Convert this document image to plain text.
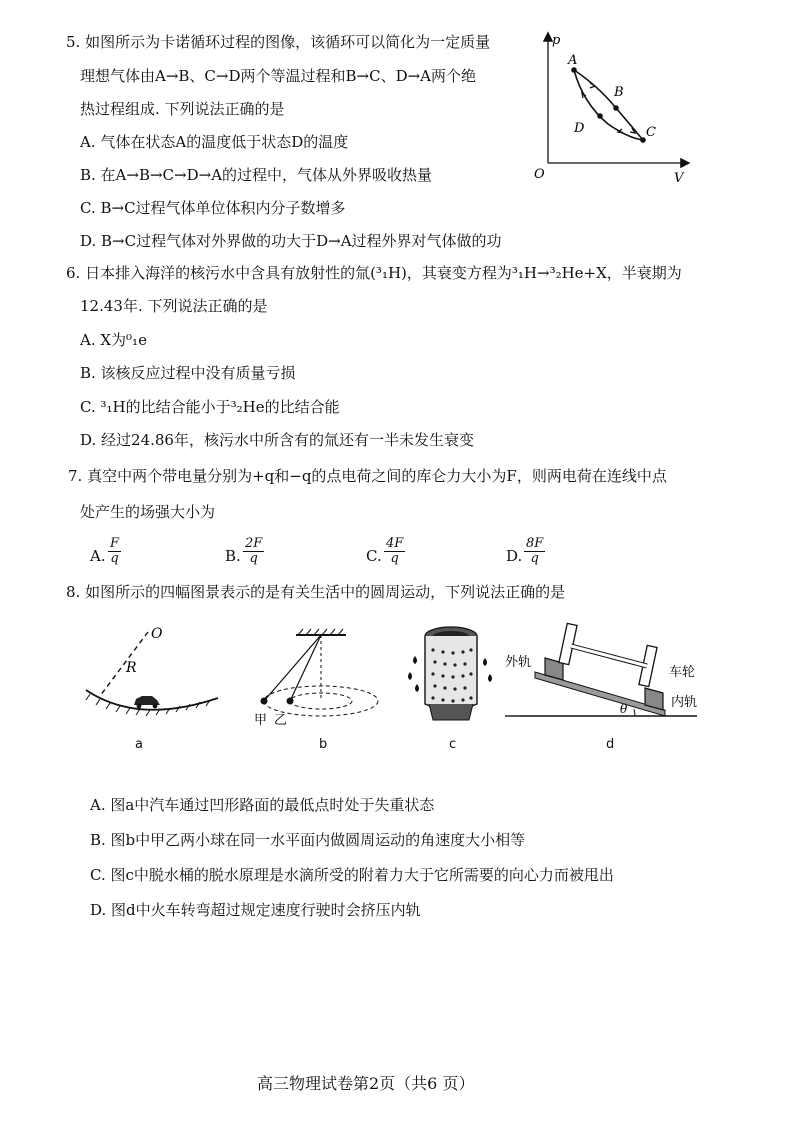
5. 如图所示为卡诺循环过程的图像，该循环可以简化为一定质量
理想气体由A→B、C→D两个等温过程和B→C、D→A两个绝
热过程组成. 下列说法正确的是
A. 气体在状态A的温度低于状态D的温度
B. 在A→B→C→D→A的过程中，气体从外界吸收热量
C. B→C过程气体单位体积内分子数增多
D. B→C过程气体对外界做的功大于D→A过程外界对气体做的功
p
V
O
A
B
C
D
6. 日本排入海洋的核污水中含具有放射性的氚(³₁H)，其衰变方程为³₁H→³₂He+X，半衰期为
12.43年. 下列说法正确的是
A. X为⁰₁e
B. 该核反应过程中没有质量亏损
C. ³₁H的比结合能小于³₂He的比结合能
D. 经过24.86年，核污水中所含有的氚还有一半未发生衰变
7. 真空中两个带电量分别为+q和−q的点电荷之间的库仑力大小为F，则两电荷在连线中点
处产生的场强大小为
A. $\frac{F}{q}$	B. $\frac{2F}{q}$	C. $\frac{4F}{q}$	D. $\frac{8F}{q}$
8. 如图所示的四幅图景表示的是有关生活中的圆周运动，下列说法正确的是
O
R
a
甲 乙
b	c
θ
外轨
车轮
内轨
d
A. 图a中汽车通过凹形路面的最低点时处于失重状态
B. 图b中甲乙两小球在同一水平面内做圆周运动的角速度大小相等
C. 图c中脱水桶的脱水原理是水滴所受的附着力大于它所需要的向心力而被甩出
D. 图d中火车转弯超过规定速度行驶时会挤压内轨
高三物理试卷第2页（共6 页）
